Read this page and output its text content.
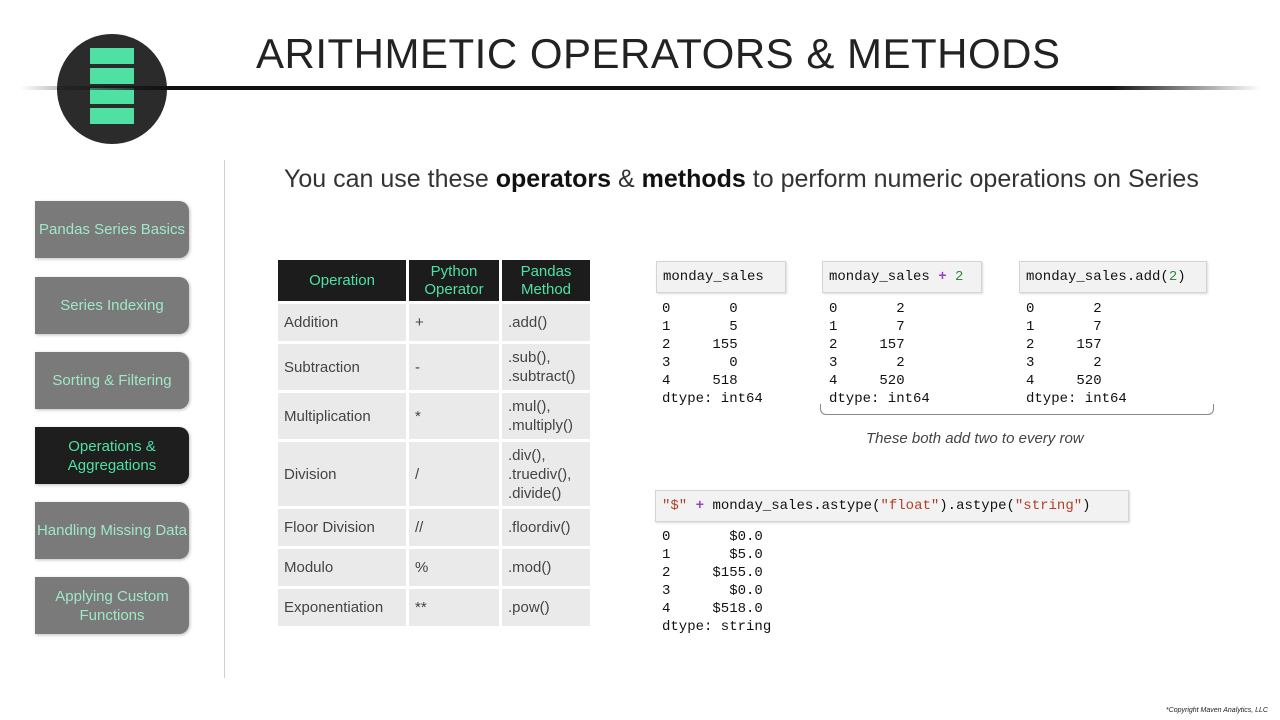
ARITHMETIC OPERATORS & METHODS
Pandas Series Basics
Series Indexing
Sorting & Filtering
Operations & Aggregations
Handling Missing Data
Applying Custom Functions
You can use these operators & methods to perform numeric operations on Series
Operation	Python Operator	Pandas Method
Addition	+	.add()
Subtraction	-	.sub(), .subtract()
Multiplication	*	.mul(), .multiply()
Division	/	.div(), .truediv(), .divide()
Floor Division	//	.floordiv()
Modulo	%	.mod()
Exponentiation	**	.pow()
monday_sales
0       0
1       5
2     155
3       0
4     518
dtype: int64
monday_sales + 2
0       2
1       7
2     157
3       2
4     520
dtype: int64
monday_sales.add(2)
0       2
1       7
2     157
3       2
4     520
dtype: int64
These both add two to every row
"$" + monday_sales.astype("float").astype("string")
0       $0.0
1       $5.0
2     $155.0
3       $0.0
4     $518.0
dtype: string
*Copyright Maven Analytics, LLC
